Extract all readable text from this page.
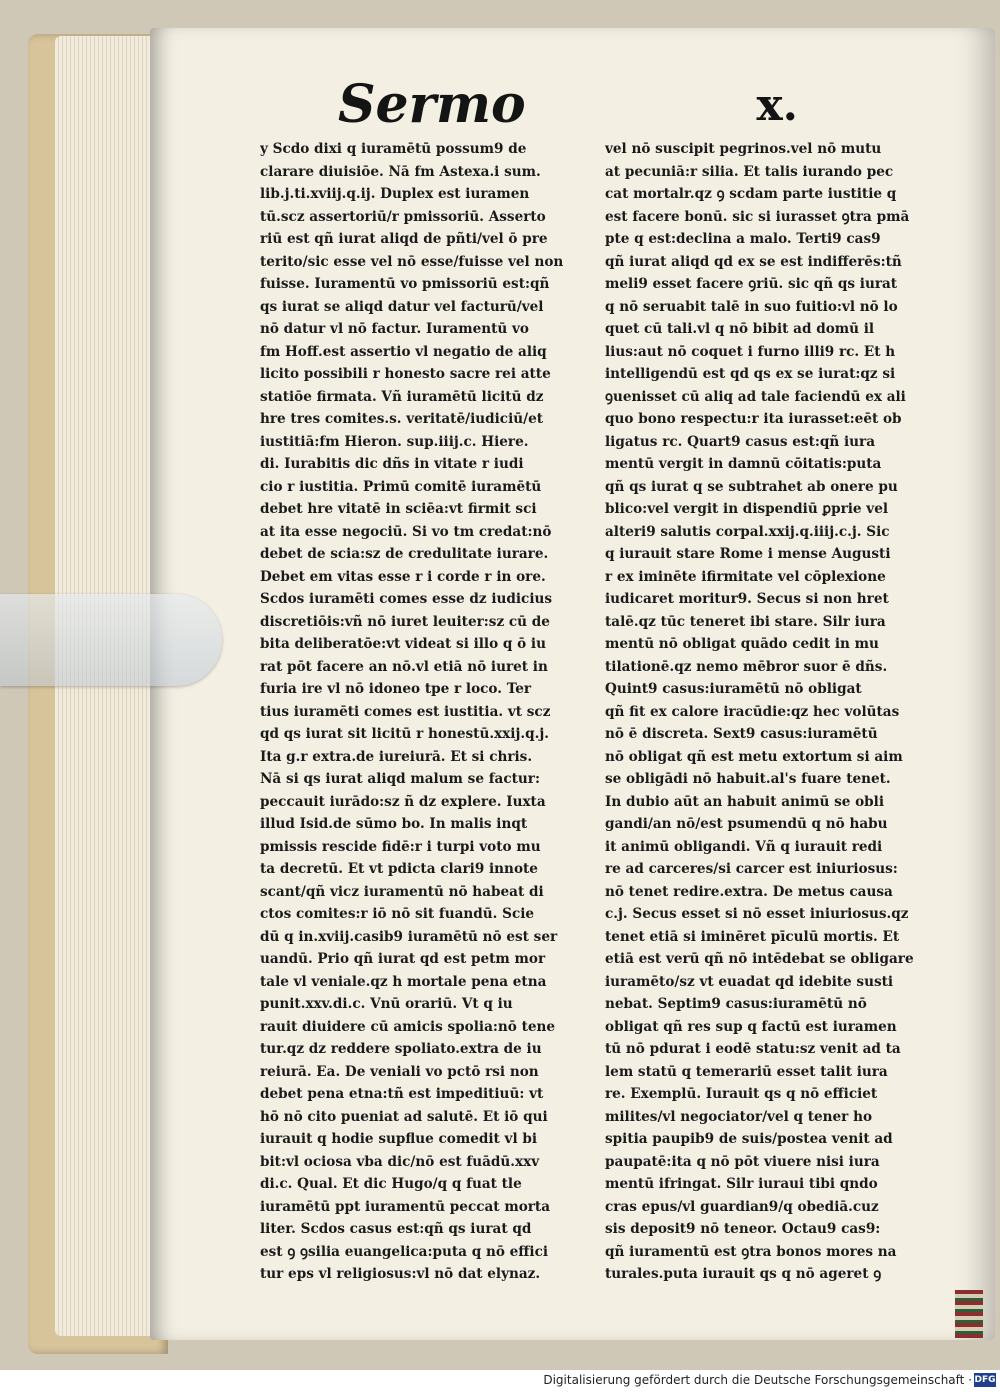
Sermo	x.
y Scdo dixi q iuramētū possum9 de
clarare diuisiōe. Nā fm Astexa.i sum.
lib.j.ti.xviij.q.ij. Duplex est iuramen
tū.scz assertoriū/r pmissoriū. Asserto
riū est qñ iurat aliqd de pñti/vel ō pre
terito/sic esse vel nō esse/fuisse vel non
fuisse. Iuramentū vo pmissoriū est:qñ
qs iurat se aliqd datur vel facturū/vel
nō datur vl nō factur. Iuramentū vo
fm Hoff.est assertio vl negatio de aliq
licito possibili r honesto sacre rei atte
statiōe firmata. Vñ iuramētū licitū dz
hre tres comites.s. veritatē/iudiciū/et
iustitiā:fm Hieron. sup.iiij.c. Hiere.
di. Iurabitis dic dñs in vitate r iudi
cio r iustitia. Primū comitē iuramētū
debet hre vitatē in sciēa:vt firmit sci
at ita esse negociū. Si vo tm credat:nō
debet de scia:sz de credulitate iurare.
Debet em vitas esse r i corde r in ore.
Scdos iuramēti comes esse dz iudicius
discretiōis:vñ nō iuret leuiter:sz cū de
bita deliberatōe:vt videat si illo q ō iu
rat pōt facere an nō.vl etiā nō iuret in
furia ire vl nō idoneo tpe r loco. Ter
tius iuramēti comes est iustitia. vt scz
qd qs iurat sit licitū r honestū.xxij.q.j.
Ita g.r extra.de iureiurā. Et si chris.
Nā si qs iurat aliqd malum se factur:
peccauit iurādo:sz ñ dz explere. Iuxta
illud Isid.de sūmo bo. In malis inqt
pmissis rescide fidē:r i turpi voto mu
ta decretū. Et vt pdicta clari9 innote
scant/qñ vicz iuramentū nō habeat di
ctos comites:r iō nō sit fuandū. Scie
dū q in.xviij.casib9 iuramētū nō est ser
uandū. Prio qñ iurat qd est petm mor
tale vl veniale.qz h mortale pena etna
punit.xxv.di.c. Vnū orariū. Vt q iu
rauit diuidere cū amicis spolia:nō tene
tur.qz dz reddere spoliato.extra de iu
reiurā. Ea. De veniali vo pctō rsi non
debet pena etna:tñ est impeditiuū: vt
hō nō cito pueniat ad salutē. Et iō qui
iurauit q hodie supflue comedit vl bi
bit:vl ociosa vba dic/nō est fuādū.xxv
di.c. Qual. Et dic Hugo/q q fuat tle
iuramētū ppt iuramentū peccat morta
liter. Scdos casus est:qñ qs iurat qd
est ꝯ ꝯsilia euangelica:puta q nō effici
tur eps vl religiosus:vl nō dat elynaz.
vel nō suscipit pegrinos.vel nō mutu
at pecuniā:r silia. Et talis iurando pec
cat mortalr.qz ꝯ scdam parte iustitie q
est facere bonū. sic si iurasset ꝯtra pmā
pte q est:declina a malo. Terti9 cas9
qñ iurat aliqd qd ex se est indifferēs:tñ
meli9 esset facere ꝯriū. sic qñ qs iurat
q nō seruabit talē in suo fuitio:vl nō lo
quet cū tali.vl q nō bibit ad domū il
lius:aut nō coquet i furno illi9 rc. Et h
intelligendū est qd qs ex se iurat:qz si
ꝯuenisset cū aliq ad tale faciendū ex ali
quo bono respectu:r ita iurasset:eēt ob
ligatus rc. Quart9 casus est:qñ iura
mentū vergit in damnū cōitatis:puta
qñ qs iurat q se subtrahet ab onere pu
blico:vel vergit in dispendiū ꝑprie vel
alteri9 salutis corpal.xxij.q.iiij.c.j. Sic
q iurauit stare Rome i mense Augusti
r ex iminēte ifirmitate vel cōplexione
iudicaret moritur9. Secus si non hret
talē.qz tūc teneret ibi stare. Silr iura
mentū nō obligat quādo cedit in mu
tilationē.qz nemo mēbror suor ē dñs.
Quint9 casus:iuramētū nō obligat
qñ fit ex calore iracūdie:qz hec volūtas
nō ē discreta. Sext9 casus:iuramētū
nō obligat qñ est metu extortum si aim
se obligādi nō habuit.al's fuare tenet.
In dubio aūt an habuit animū se obli
gandi/an nō/est psumendū q nō habu
it animū obligandi. Vñ q iurauit redi
re ad carceres/si carcer est iniuriosus:
nō tenet redire.extra. De metus causa
c.j. Secus esset si nō esset iniuriosus.qz
tenet etiā si iminēret pīculū mortis. Et
etiā est verū qñ nō intēdebat se obligare
iuramēto/sz vt euadat qd idebite susti
nebat. Septim9 casus:iuramētū nō
obligat qñ res sup q factū est iuramen
tū nō pdurat i eodē statu:sz venit ad ta
lem statū q temerariū esset talit iura
re. Exemplū. Iurauit qs q nō efficiet
milites/vl negociator/vel q tener ho
spitia paupib9 de suis/postea venit ad
paupatē:ita q nō pōt viuere nisi iura
mentū ifringat. Silr iuraui tibi qndo
cras epus/vl guardian9/q obediā.cuz
sis deposit9 nō teneor. Octau9 cas9:
qñ iuramentū est ꝯtra bonos mores na
turales.puta iurauit qs q nō ageret ꝯ
Digitalisierung gefördert durch die Deutsche Forschungsgemeinschaft · DFG
